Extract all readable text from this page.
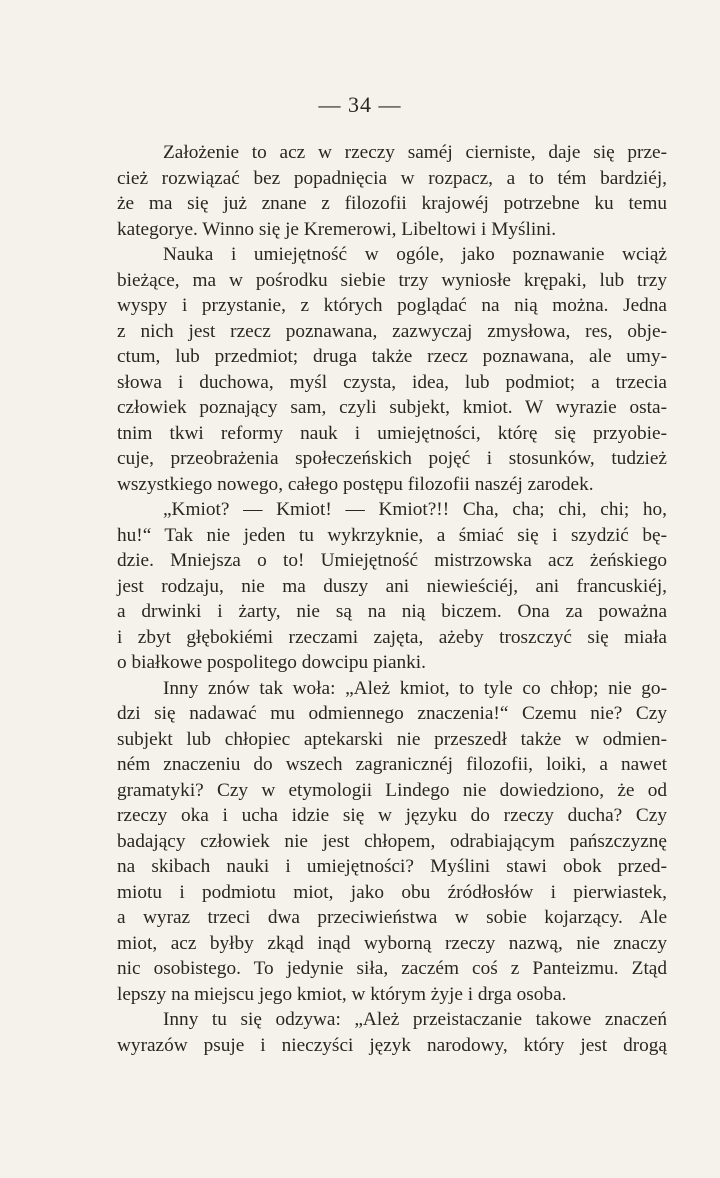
— 34 —
Założenie to acz w rzeczy saméj cierniste, daje się prze-
cież rozwiązać bez popadnięcia w rozpacz, a to tém bardziéj,
że ma się już znane z filozofii krajowéj potrzebne ku temu
kategorye. Winno się je Kremerowi, Libeltowi i Myślini.
Nauka i umiejętność w ogóle, jako poznawanie wciąż
bieżące, ma w pośrodku siebie trzy wyniosłe krępaki, lub trzy
wyspy i przystanie, z których poglądać na nią można. Jedna
z nich jest rzecz poznawana, zazwyczaj zmysłowa, res, obje-
ctum, lub przedmiot; druga także rzecz poznawana, ale umy-
słowa i duchowa, myśl czysta, idea, lub podmiot; a trzecia
człowiek poznający sam, czyli subjekt, kmiot. W wyrazie osta-
tnim tkwi reformy nauk i umiejętności, którę się przyobie-
cuje, przeobrażenia społeczeńskich pojęć i stosunków, tudzież
wszystkiego nowego, całego postępu filozofii naszéj zarodek.
„Kmiot? — Kmiot! — Kmiot?!! Cha, cha; chi, chi; ho,
hu!“ Tak nie jeden tu wykrzyknie, a śmiać się i szydzić bę-
dzie. Mniejsza o to! Umiejętność mistrzowska acz żeńskiego
jest rodzaju, nie ma duszy ani niewieściéj, ani francuskiéj,
a drwinki i żarty, nie są na nią biczem. Ona za poważna
i zbyt głębokiémi rzeczami zajęta, ażeby troszczyć się miała
o białkowe pospolitego dowcipu pianki.
Inny znów tak woła: „Ależ kmiot, to tyle co chłop; nie go-
dzi się nadawać mu odmiennego znaczenia!“ Czemu nie? Czy
subjekt lub chłopiec aptekarski nie przeszedł także w odmien-
ném znaczeniu do wszech zagranicznéj filozofii, loiki, a nawet
gramatyki? Czy w etymologii Lindego nie dowiedziono, że od
rzeczy oka i ucha idzie się w języku do rzeczy ducha? Czy
badający człowiek nie jest chłopem, odrabiającym pańszczyznę
na skibach nauki i umiejętności? Myślini stawi obok przed-
miotu i podmiotu miot, jako obu źródłosłów i pierwiastek,
a wyraz trzeci dwa przeciwieństwa w sobie kojarzący. Ale
miot, acz byłby zkąd inąd wyborną rzeczy nazwą, nie znaczy
nic osobistego. To jedynie siła, zaczém coś z Panteizmu. Ztąd
lepszy na miejscu jego kmiot, w którym żyje i drga osoba.
Inny tu się odzywa: „Ależ przeistaczanie takowe znaczeń
wyrazów psuje i nieczyści język narodowy, który jest drogą
